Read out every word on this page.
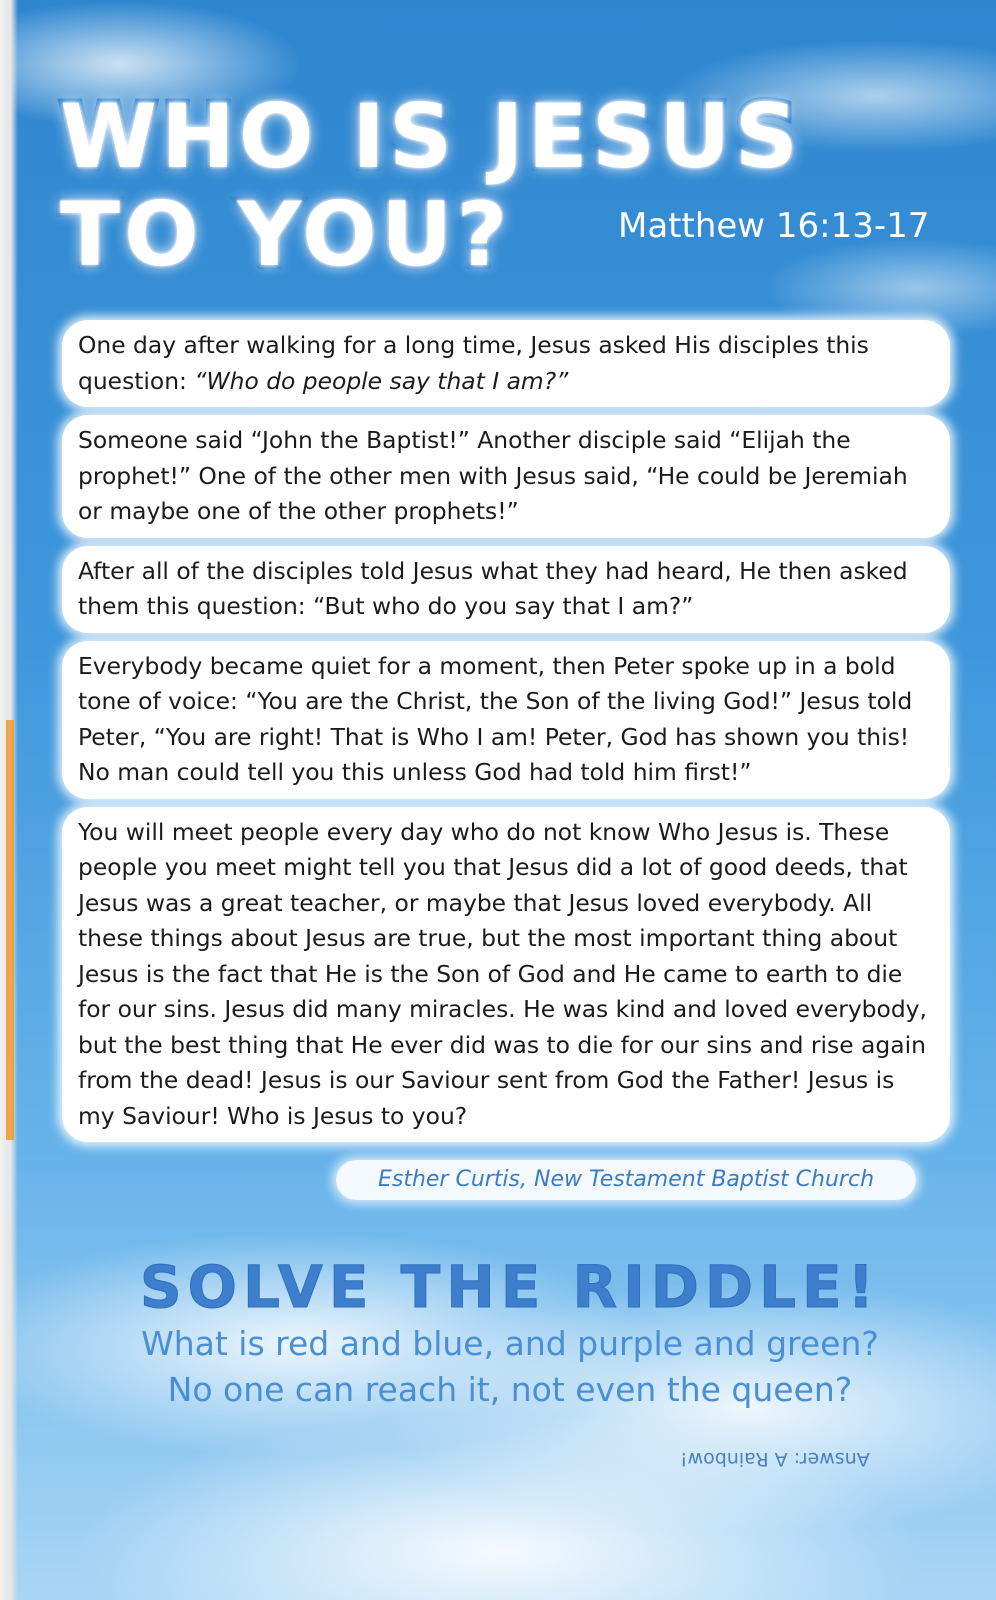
WHO IS JESUS
TO YOU?	Matthew 16:13-17
One day after walking for a long time, Jesus asked His disciples this question: “Who do people say that I am?”
Someone said “John the Baptist!” Another disciple said “Elijah the prophet!” One of the other men with Jesus said, “He could be Jeremiah or maybe one of the other prophets!”
After all of the disciples told Jesus what they had heard, He then asked them this question: “But who do you say that I am?”
Everybody became quiet for a moment, then Peter spoke up in a bold tone of voice: “You are the Christ, the Son of the living God!” Jesus told Peter, “You are right! That is Who I am! Peter, God has shown you this! No man could tell you this unless God had told him first!”
You will meet people every day who do not know Who Jesus is. These people you meet might tell you that Jesus did a lot of good deeds, that Jesus was a great teacher, or maybe that Jesus loved everybody. All these things about Jesus are true, but the most important thing about Jesus is the fact that He is the Son of God and He came to earth to die for our sins. Jesus did many miracles. He was kind and loved everybody, but the best thing that He ever did was to die for our sins and rise again from the dead! Jesus is our Saviour sent from God the Father! Jesus is my Saviour! Who is Jesus to you?
Esther Curtis, New Testament Baptist Church
SOLVE THE RIDDLE!
What is red and blue, and purple and green?
No one can reach it, not even the queen?
Answer: A Rainbow!
